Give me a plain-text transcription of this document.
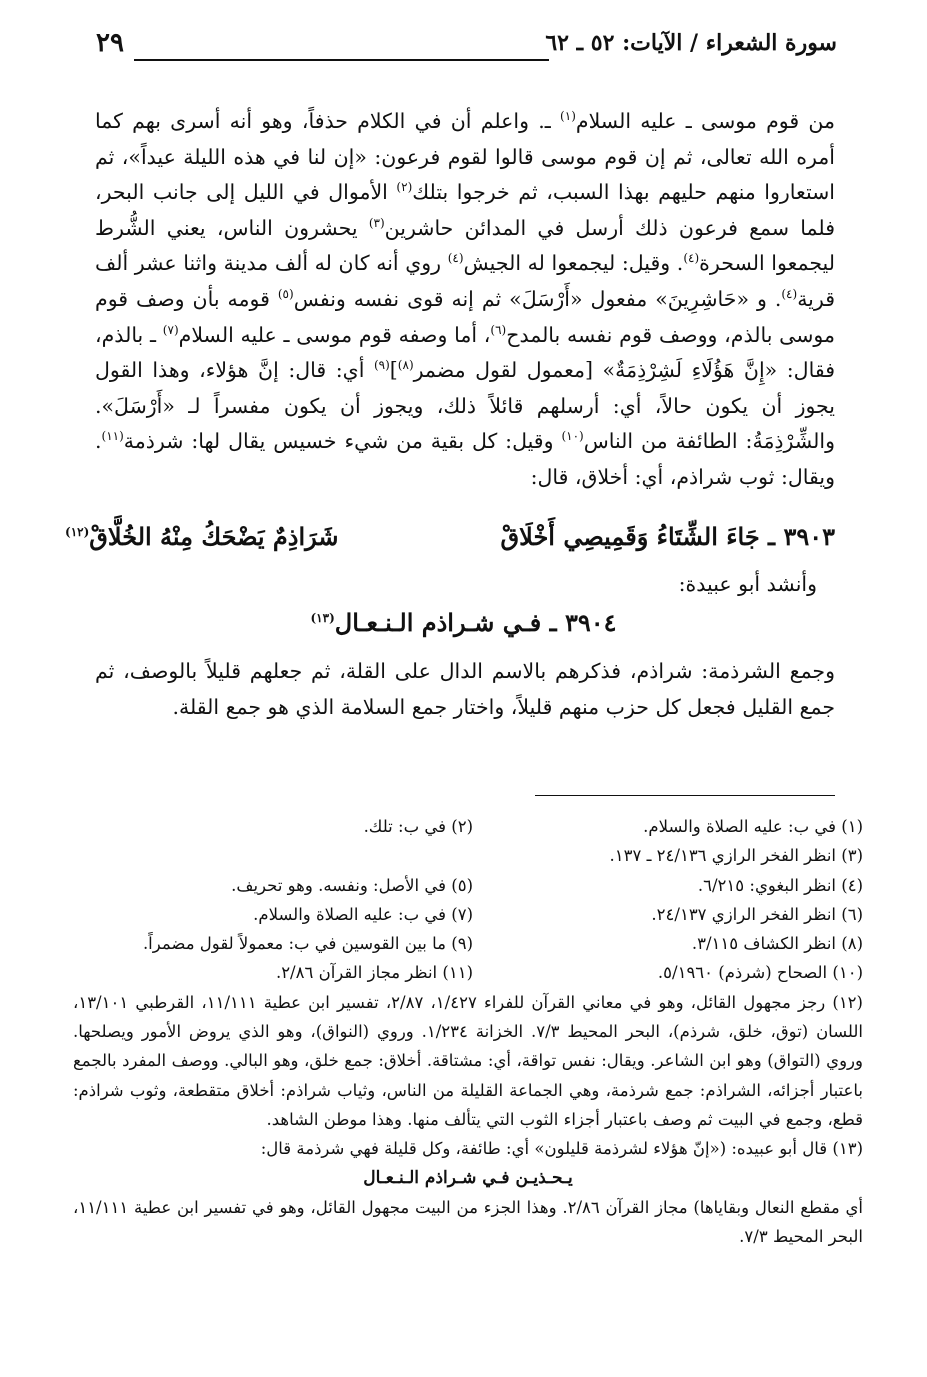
سورة الشعراء / الآيات: ٥٢ ـ ٦٢
٢٩

من قوم موسى ـ عليه السلام$^{(١)}$ ـ. واعلم أن في الكلام حذفاً، وهو أنه أسرى بهم كما أمره الله تعالى، ثم إن قوم موسى قالوا لقوم فرعون: «إن لنا في هذه الليلة عيداً»، ثم استعاروا منهم حليهم بهذا السبب، ثم خرجوا بتلك$^{(٢)}$ الأموال في الليل إلى جانب البحر، فلما سمع فرعون ذلك أرسل في المدائن حاشرين$^{(٣)}$ يحشرون الناس، يعني الشُّرط ليجمعوا السحرة$^{(٤)}$. وقيل: ليجمعوا له الجيش$^{(٤)}$ روي أنه كان له ألف مدينة واثنا عشر ألف قرية$^{(٤)}$. و «حَاشِرِينَ» مفعول «أَرْسَلَ» ثم إنه قوى نفسه ونفس$^{(٥)}$ قومه بأن وصف قوم موسى بالذم، ووصف قوم نفسه بالمدح$^{(٦)}$، أما وصفه قوم موسى ـ عليه السلام$^{(٧)}$ ـ بالذم، فقال: «إِنَّ هَؤُلَاءِ لَشِرْذِمَةٌ» [معمول لقول مضمر$^{(٨)}$]$^{(٩)}$ أي: قال: إنَّ هؤلاء، وهذا القول يجوز أن يكون حالاً، أي: أرسلهم قائلاً ذلك، ويجوز أن يكون مفسراً لـ «أَرْسَلَ». والشِّرْذِمَةُ: الطائفة من الناس$^{(١٠)}$ وقيل: كل بقية من شيء خسيس يقال لها: شرذمة$^{(١١)}$. ويقال: ثوب شراذم، أي: أخلاق، قال:

٣٩٠٣ ـ جَاءَ الشِّتَاءُ وَقَمِيصِي أَخْلَاقْ
شَرَاذِمٌ يَضْحَكُ مِنْهُ الخُلَّاقْ$^{(١٢)}$
وأنشد أبو عبيدة:
٣٩٠٤ ـ فـي شـراذم الـنـعـال$^{(١٣)}$
وجمع الشرذمة: شراذم، فذكرهم بالاسم الدال على القلة، ثم جعلهم قليلاً بالوصف، ثم جمع القليل فجعل كل حزب منهم قليلاً، واختار جمع السلامة الذي هو جمع القلة.
(١) في ب: عليه الصلاة والسلام.
(٢) في ب: تلك.
(٣) انظر الفخر الرازي ٢٤/١٣٦ ـ ١٣٧.
(٤) انظر البغوي: ٦/٢١٥.
(٥) في الأصل: ونفسه. وهو تحريف.
(٦) انظر الفخر الرازي ٢٤/١٣٧.
(٧) في ب: عليه الصلاة والسلام.
(٨) انظر الكشاف ٣/١١٥.
(٩) ما بين القوسين في ب: معمولاً لقول مضمراً.
(١٠) الصحاح (شرذم) ٥/١٩٦٠.
(١١) انظر مجاز القرآن ٢/٨٦.

(١٢) رجز مجهول القائل، وهو في معاني القرآن للفراء ١/٤٢٧، ٢/٨٧، تفسير ابن عطية ١١/١١١، القرطبي ١٣/١٠١، اللسان (توق، خلق، شرذم)، البحر المحيط ٧/٣. الخزانة ١/٢٣٤. وروي (النواق)، وهو الذي يروض الأمور ويصلحها. وروي (التواق) وهو ابن الشاعر. ويقال: نفس تواقة، أي: مشتاقة. أخلاق: جمع خلق، وهو البالي. ووصف المفرد بالجمع باعتبار أجزائه، الشراذم: جمع شرذمة، وهي الجماعة القليلة من الناس، وثياب شراذم: أخلاق متقطعة، وثوب شراذم: قطع، وجمع في البيت ثم وصف باعتبار أجزاء الثوب التي يتألف منها. وهذا موطن الشاهد.

(١٣) قال أبو عبيده: («إنّ هؤلاء لشرذمة قليلون» أي: طائفة، وكل قليلة فهي شرذمة قال:

يـحـذيـن فـي شـراذم الـنـعـال

أي مقطع النعال وبقاياها) مجاز القرآن ٢/٨٦. وهذا الجزء من البيت مجهول القائل، وهو في تفسير ابن عطية ١١/١١١، البحر المحيط ٧/٣.
